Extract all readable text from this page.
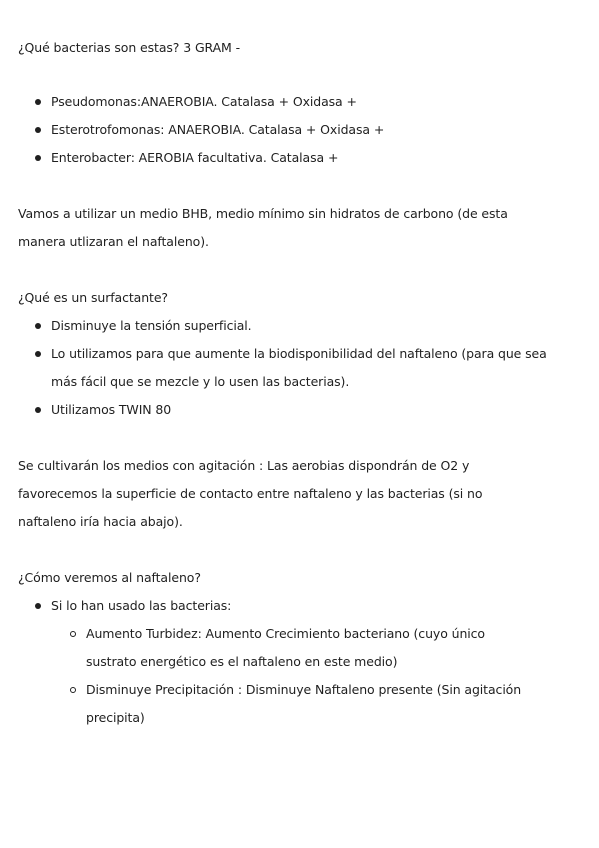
¿Qué bacterias son estas? 3 GRAM -
Pseudomonas:ANAEROBIA. Catalasa + Oxidasa +
Esterotrofomonas: ANAEROBIA. Catalasa + Oxidasa +
Enterobacter: AEROBIA facultativa. Catalasa +
Vamos a utilizar un medio BHB, medio mínimo sin hidratos de carbono (de esta
manera utlizaran el naftaleno).
¿Qué es un surfactante?
Disminuye la tensión superficial.
Lo utilizamos para que aumente la biodisponibilidad del naftaleno (para que sea
más fácil que se mezcle y lo usen las bacterias).
Utilizamos TWIN 80
Se cultivarán los medios con agitación : Las aerobias dispondrán de O2 y
favorecemos la superficie de contacto entre naftaleno y las bacterias (si no
naftaleno iría hacia abajo).
¿Cómo veremos al naftaleno?
Si lo han usado las bacterias:
Aumento Turbidez: Aumento Crecimiento bacteriano (cuyo único
sustrato energético es el naftaleno en este medio)
Disminuye Precipitación : Disminuye Naftaleno presente (Sin agitación
precipita)
